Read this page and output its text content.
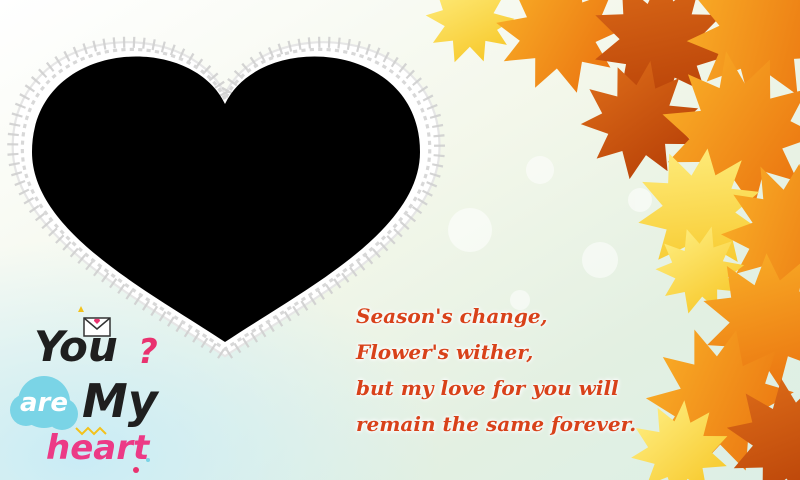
You ?
are My
heart
Season's change,
Flower's wither,
but my love for you will
remain the same forever.
